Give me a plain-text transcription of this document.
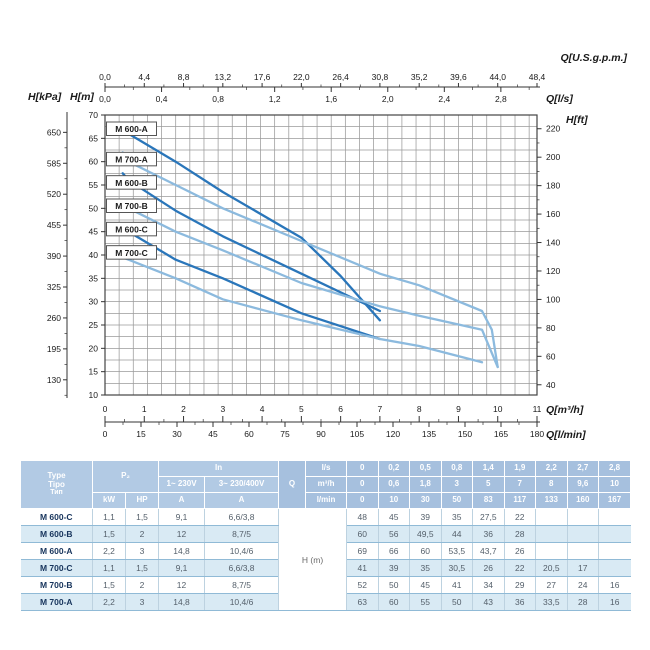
M 600-A
M 700-A
M 600-B
M 700-B
M 600-C
M 700-C
0,0	4,4	8,8	13,2	17,6	22,0	26,4	30,8	35,2	39,6	44,0	48,4
0,0	0,4	0,8	1,2	1,6	2,0	2,4	2,8
650
585
520
455
390
325
260
195
130
70
65
60
55
50
45
40
35
30
25
20
15
10
220
200
180
160
140
120
100
80
60
40
0	1	2	3	4	5	6	7	8	9	10	11
0	15	30	45	60	75	90	105	120	135	150	165	180
Q[U.S.g.p.m.]
Q[l/s]
H[kPa] H[m]
H[ft]
Q[m³/h]
Q[l/min]
Type
Tipo
Тип	P₂		In		Q	l/s	0	0,2	0,5	0,8	1,4	1,9	2,2	2,7	2,8
			1~ 230V	3~ 230/400V		m³/h	0	0,6	1,8	3	5	7	8	9,6	10
	kW	HP	A	A		l/min	0	10	30	50	83	117	133	160	167
M 600-C	1,1	1,5	9,1	6,6/3,8	H (m)		48	45	39	35	27,5	22			
M 600-B	1,5	2	12	8,7/5			60	56	49,5	44	36	28			
M 600-A	2,2	3	14,8	10,4/6			69	66	60	53,5	43,7	26			
M 700-C	1,1	1,5	9,1	6,6/3,8			41	39	35	30,5	26	22	20,5	17	
M 700-B	1,5	2	12	8,7/5			52	50	45	41	34	29	27	24	16
M 700-A	2,2	3	14,8	10,4/6			63	60	55	50	43	36	33,5	28	16
